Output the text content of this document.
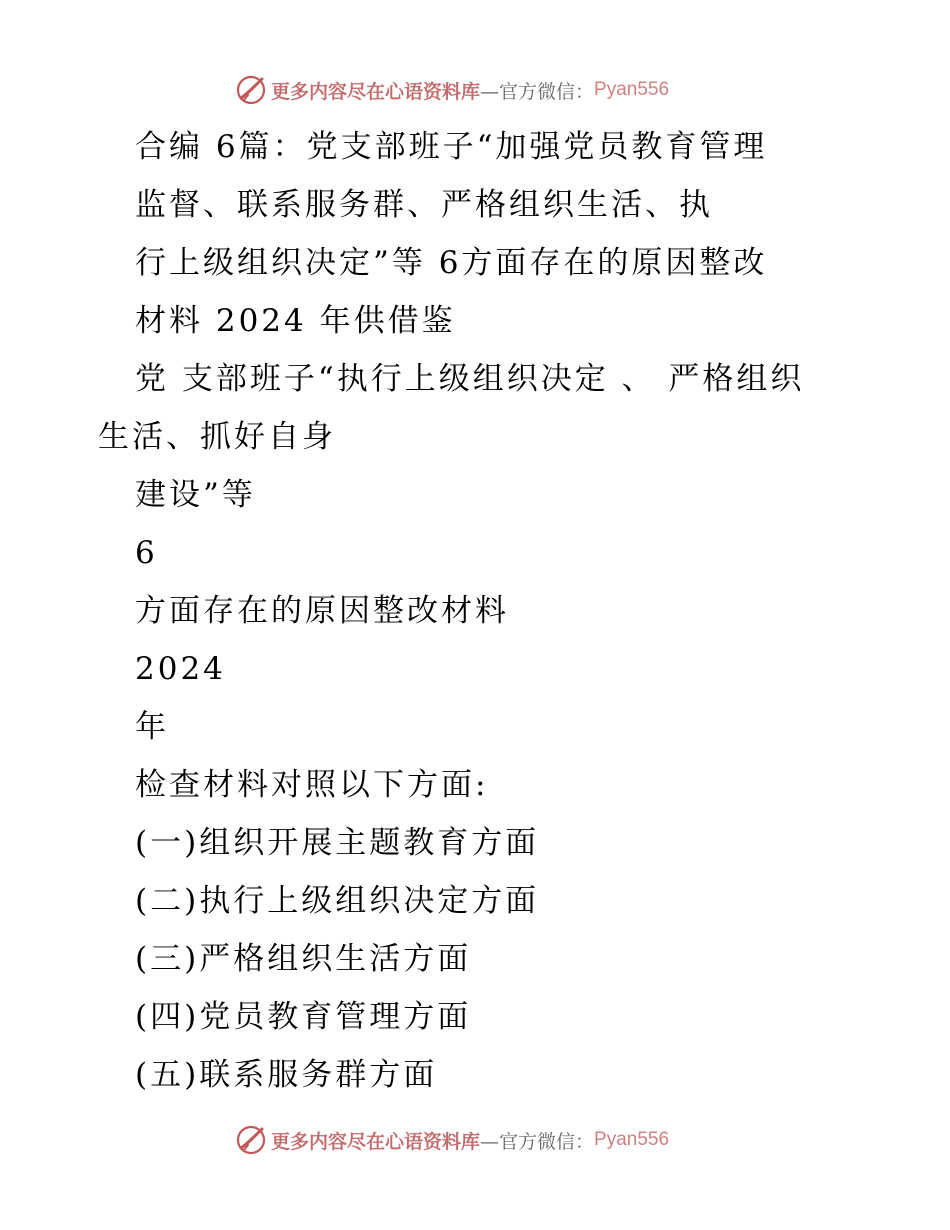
更多内容尽在心语资料库 —官方微信： Pyan556
合编 6篇：党支部班子“加强党员教育管理
监督、联系服务群、严格组织生活、执
行上级组织决定”等 6方面存在的原因整改
材料 2024 年供借鉴
党 支部班子“执行上级组织决定 、 严格组织
生活、抓好自身
建设”等
6
方面存在的原因整改材料
2024
年
检查材料对照以下方面:
(一)组织开展主题教育方面
(二)执行上级组织决定方面
(三)严格组织生活方面
(四)党员教育管理方面
(五)联系服务群方面
更多内容尽在心语资料库 —官方微信： Pyan556
